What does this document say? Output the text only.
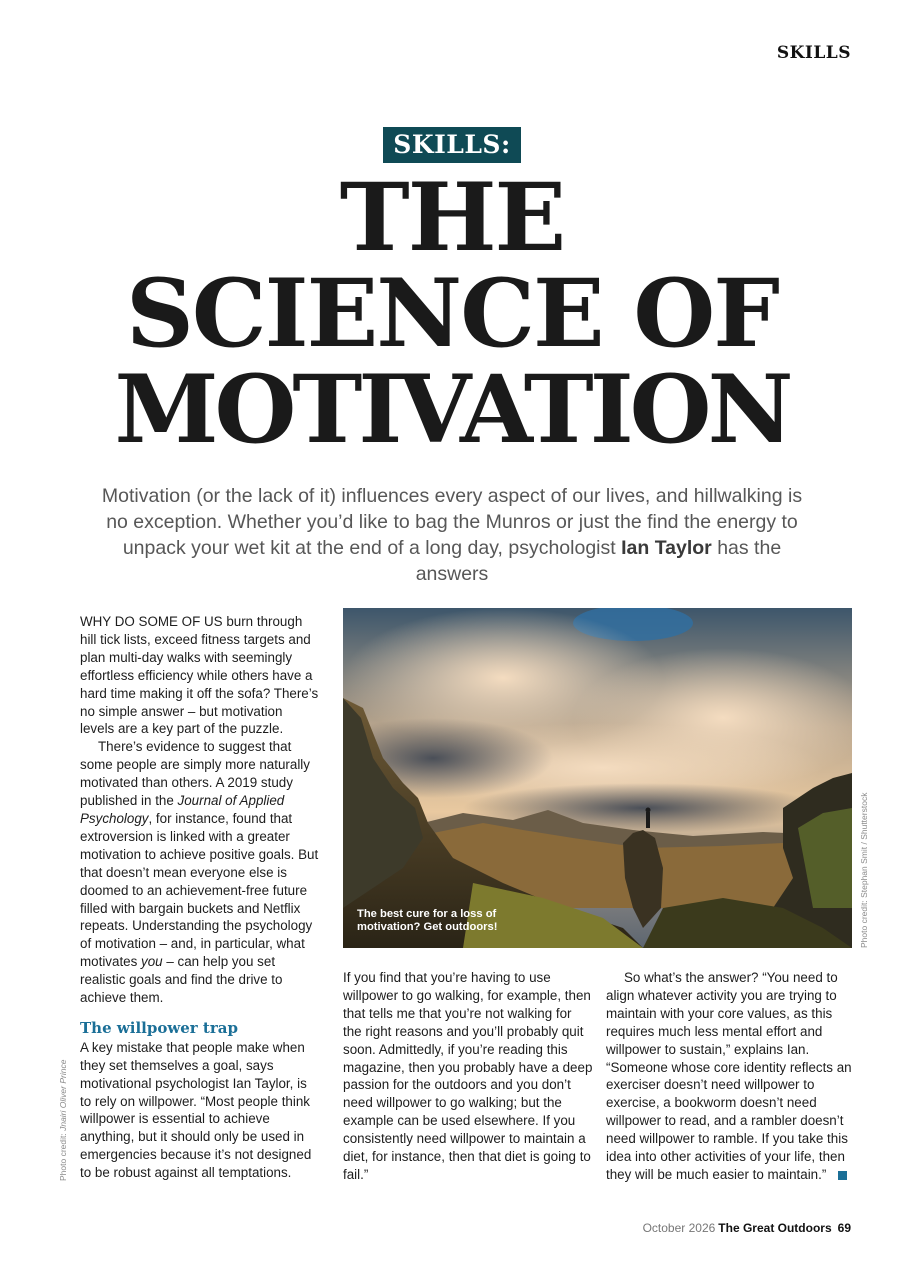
SKILLS
SKILLS:
THE
SCIENCE OF
MOTIVATION
Motivation (or the lack of it) influences every aspect of our lives, and hillwalking is no exception. Whether you’d like to bag the Munros or just the find the energy to unpack your wet kit at the end of a long day, psychologist Ian Taylor has the answers

WHY DO SOME OF US burn through hill tick lists, exceed fitness targets and plan multi-day walks with seemingly effortless efficiency while others have a hard time making it off the sofa? There’s no simple answer – but motivation levels are a key part of the puzzle.

There’s evidence to suggest that some people are simply more naturally motivated than others. A 2019 study published in the Journal of Applied Psychology, for instance, found that extroversion is linked with a greater motivation to achieve positive goals. But that doesn’t mean everyone else is doomed to an achievement-free future filled with bargain buckets and Netflix repeats. Understanding the psychology of motivation – and, in particular, what motivates you – can help you set realistic goals and find the drive to achieve them.

The willpower trap

A key mistake that people make when they set themselves a goal, says motivational psychologist Ian Taylor, is to rely on willpower. “Most people think willpower is essential to achieve anything, but it should only be used in emergencies because it’s not designed to be robust against all temptations.

The best cure for a loss of motivation? Get outdoors!	Photo credit: Stephan Smit / Shutterstock
Photo credit: Jnairi Oliver Prince

If you find that you’re having to use willpower to go walking, for example, then that tells me that you’re not walking for the right reasons and you’ll probably quit soon. Admittedly, if you’re reading this magazine, then you probably have a deep passion for the outdoors and you don’t need willpower to go walking; but the example can be used elsewhere. If you consistently need willpower to maintain a diet, for instance, then that diet is going to fail.”

So what’s the answer? “You need to align whatever activity you are trying to maintain with your core values, as this requires much less mental effort and willpower to sustain,” explains Ian. “Someone whose core identity reflects an exerciser doesn’t need willpower to exercise, a bookworm doesn’t need willpower to read, and a rambler doesn’t need willpower to ramble. If you take this idea into other activities of your life, then they will be much easier to maintain.”	➔

October 2026 The Great Outdoors 69
